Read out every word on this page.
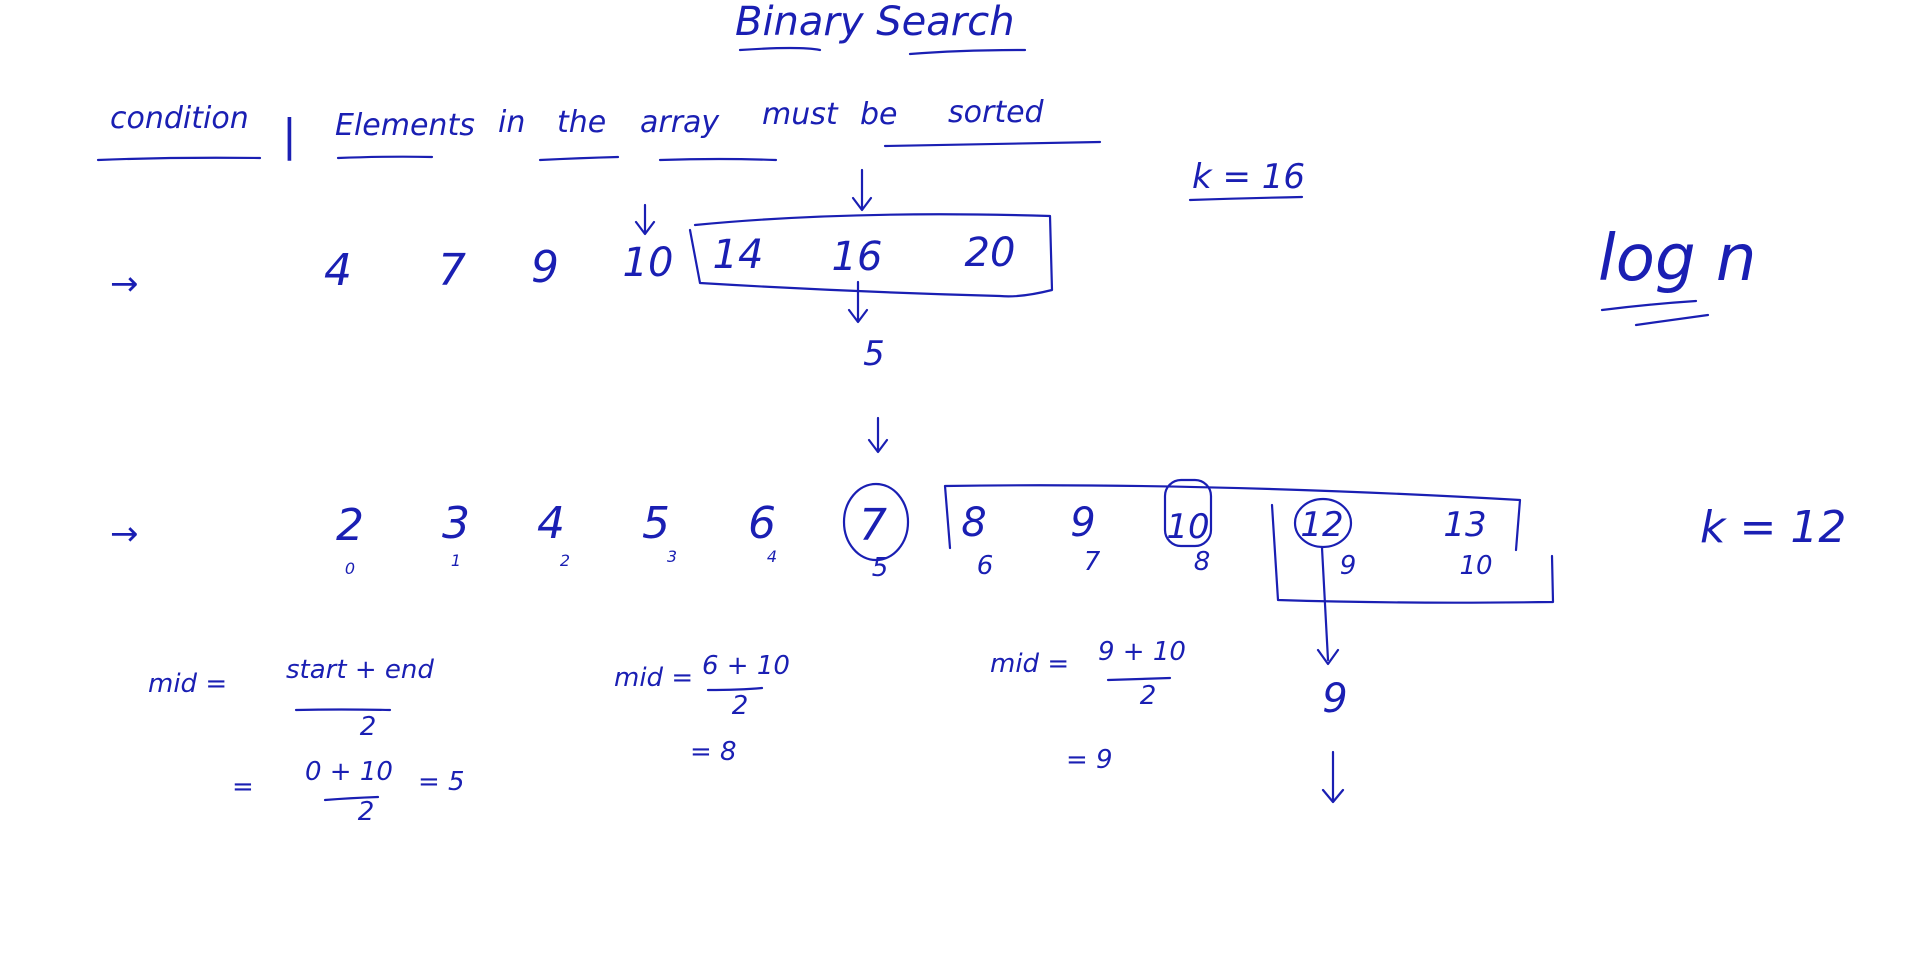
Binary Search
condition | Elements in the array must be sorted
k = 16
log n
→	4 7 9 10 14 16 20
5
→	2 3 4 5 6 7 8 9 10	12	13
0	1	2	3	4	5	6	7	8	9	10
9
k = 12
mid = start + end
2
= 0 + 10
2
= 5
mid = 6 + 10
2
= 8
mid = 9 + 10
2
= 9
